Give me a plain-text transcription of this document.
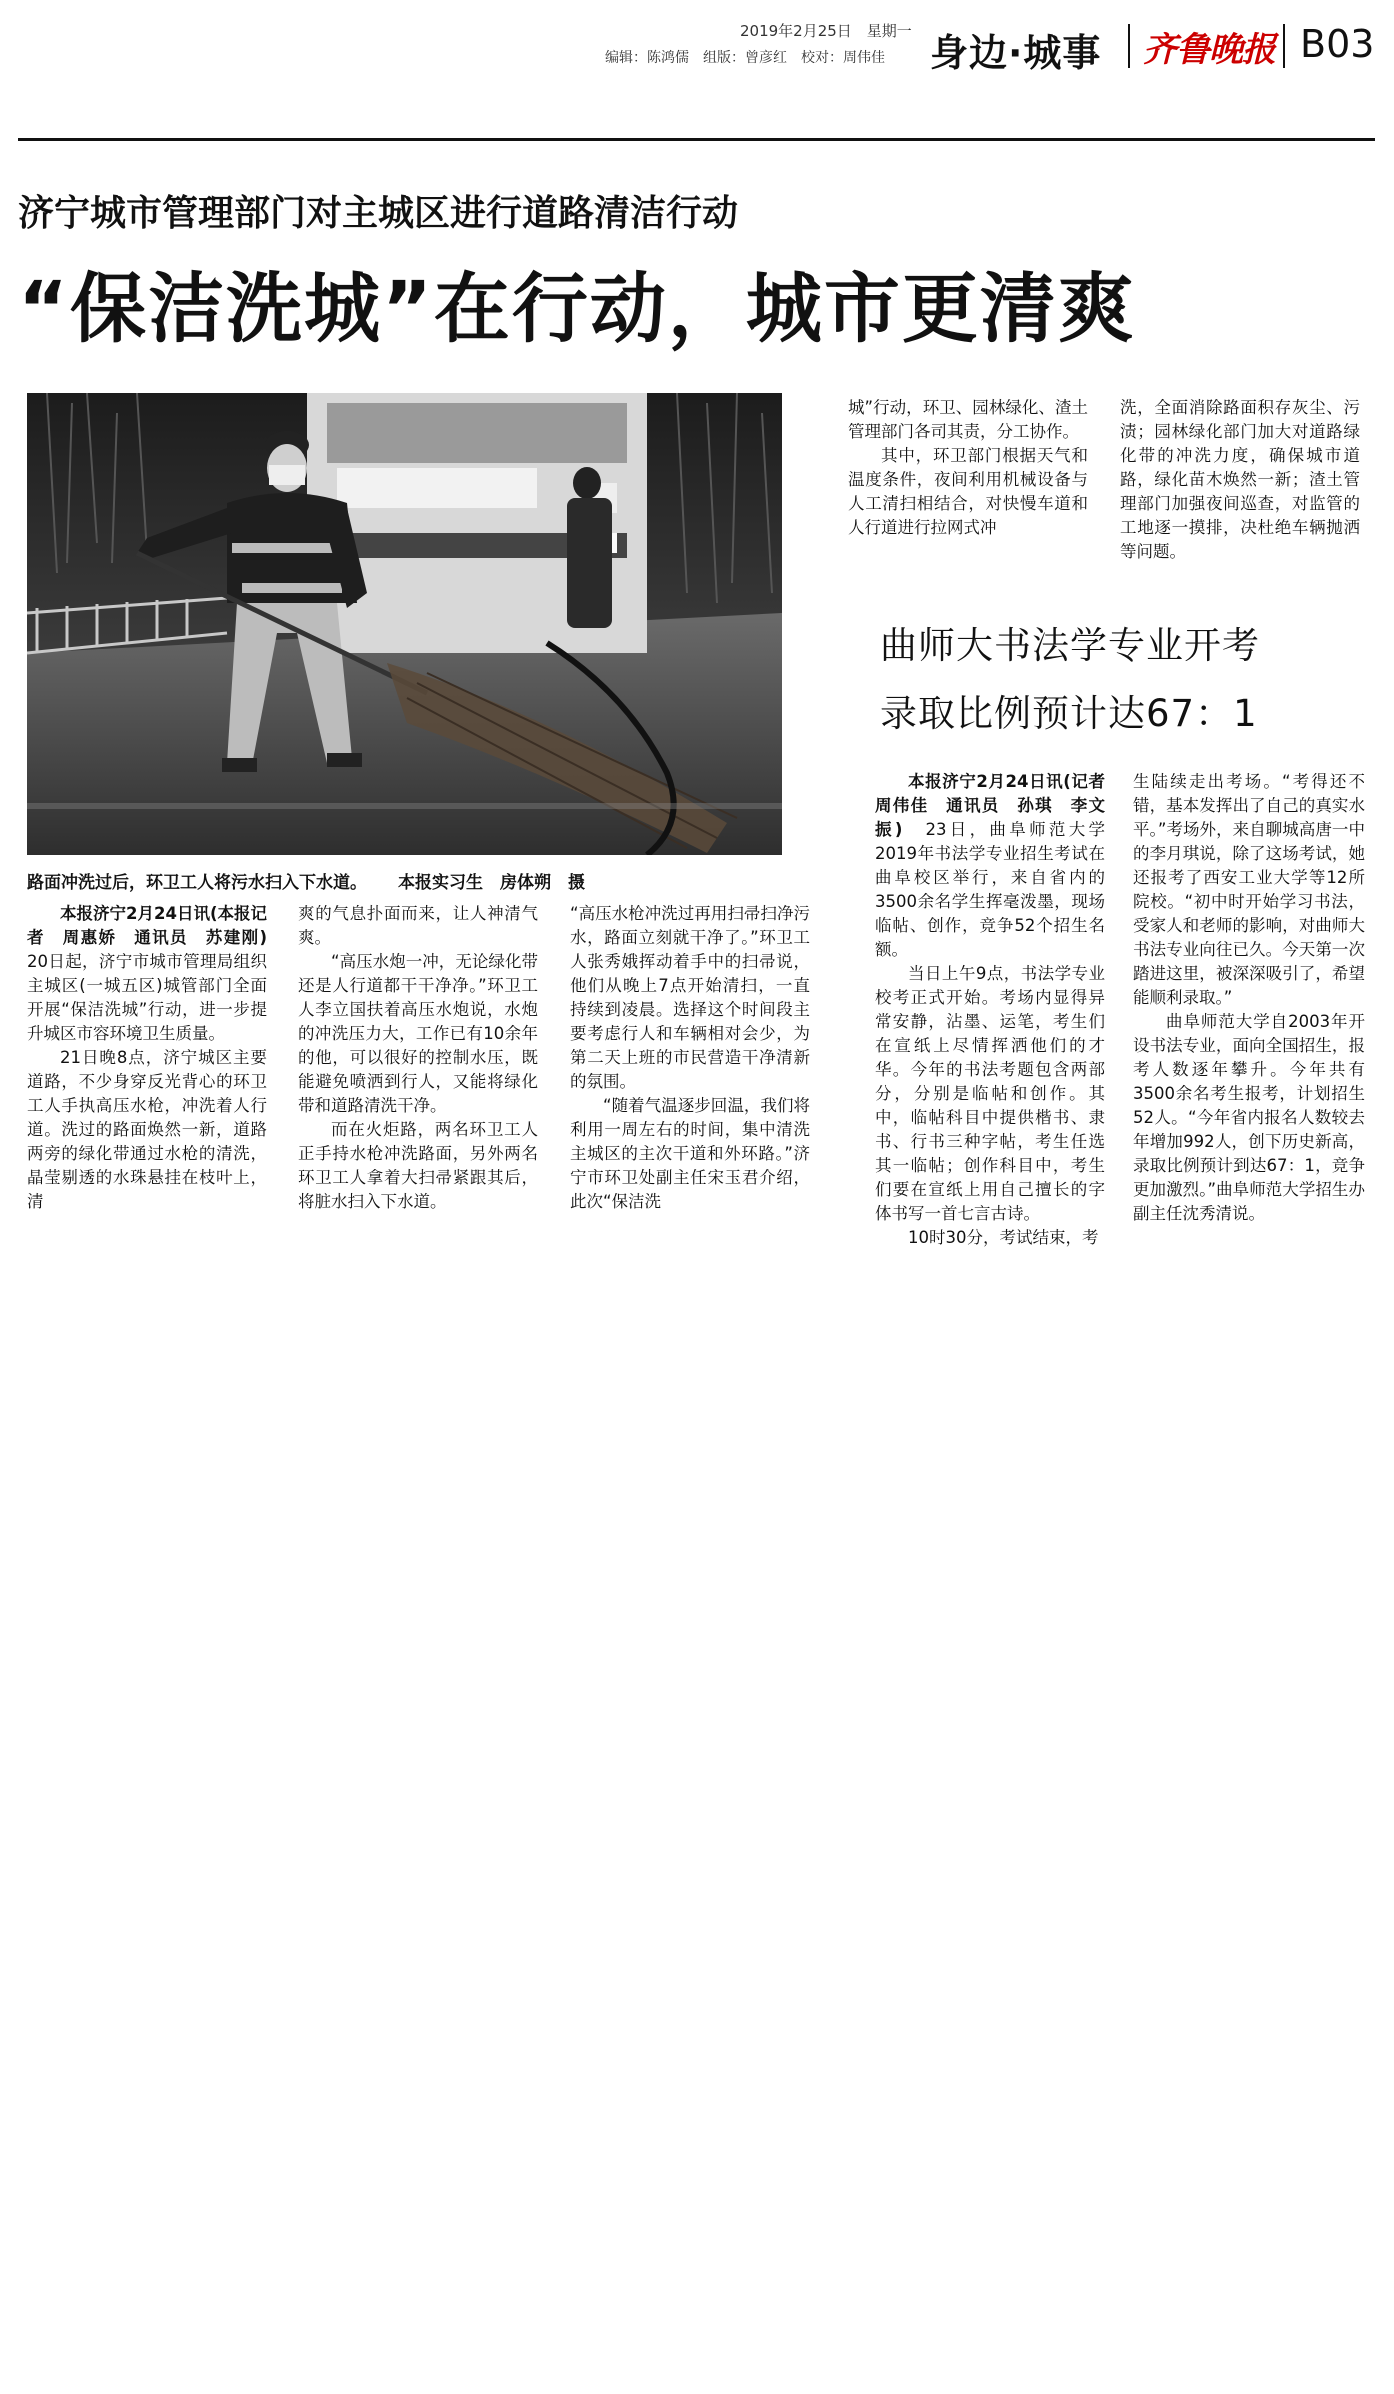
2019年2月25日　星期一
编辑：陈鸿儒　组版：曾彦红　校对：周伟佳 身边·城事 齐鲁晚报 B03
济宁城市管理部门对主城区进行道路清洁行动
“保洁洗城”在行动，城市更清爽
路面冲洗过后，环卫工人将污水扫入下水道。 本报实习生　房体朔　摄

本报济宁2月24日讯(本报记者　周惠娇　通讯员　苏建刚)　20日起，济宁市城市管理局组织主城区(一城五区)城管部门全面开展“保洁洗城”行动，进一步提升城区市容环境卫生质量。

21日晚8点，济宁城区主要道路，不少身穿反光背心的环卫工人手执高压水枪，冲洗着人行道。洗过的路面焕然一新，道路两旁的绿化带通过水枪的清洗，晶莹剔透的水珠悬挂在枝叶上，清

爽的气息扑面而来，让人神清气爽。

“高压水炮一冲，无论绿化带还是人行道都干干净净。”环卫工人李立国扶着高压水炮说，水炮的冲洗压力大，工作已有10余年的他，可以很好的控制水压，既能避免喷洒到行人，又能将绿化带和道路清洗干净。

而在火炬路，两名环卫工人正手持水枪冲洗路面，另外两名环卫工人拿着大扫帚紧跟其后，将脏水扫入下水道。

“高压水枪冲洗过再用扫帚扫净污水，路面立刻就干净了。”环卫工人张秀娥挥动着手中的扫帚说，他们从晚上7点开始清扫，一直持续到凌晨。选择这个时间段主要考虑行人和车辆相对会少，为第二天上班的市民营造干净清新的氛围。

“随着气温逐步回温，我们将利用一周左右的时间，集中清洗主城区的主次干道和外环路。”济宁市环卫处副主任宋玉君介绍，此次“保洁洗

城”行动，环卫、园林绿化、渣土管理部门各司其责，分工协作。

其中，环卫部门根据天气和温度条件，夜间利用机械设备与人工清扫相结合，对快慢车道和人行道进行拉网式冲

洗，全面消除路面积存灰尘、污渍；园林绿化部门加大对道路绿化带的冲洗力度，确保城市道路，绿化苗木焕然一新；渣土管理部门加强夜间巡查，对监管的工地逐一摸排，决杜绝车辆抛洒等问题。

曲师大书法学专业开考
录取比例预计达67：1

本报济宁2月24日讯(记者　周伟佳　通讯员　孙琪　李文振)　 23日，曲阜师范大学2019年书法学专业招生考试在曲阜校区举行，来自省内的3500余名学生挥毫泼墨，现场临帖、创作，竞争52个招生名额。

当日上午9点，书法学专业校考正式开始。考场内显得异常安静，沾墨、运笔，考生们在宣纸上尽情挥洒他们的才华。今年的书法考题包含两部分，分别是临帖和创作。其中，临帖科目中提供楷书、隶书、行书三种字帖，考生任选其一临帖；创作科目中，考生们要在宣纸上用自己擅长的字体书写一首七言古诗。

10时30分，考试结束，考

生陆续走出考场。“考得还不错，基本发挥出了自己的真实水平。”考场外，来自聊城高唐一中的李月琪说，除了这场考试，她还报考了西安工业大学等12所院校。“初中时开始学习书法，受家人和老师的影响，对曲师大书法专业向往已久。今天第一次踏进这里，被深深吸引了，希望能顺利录取。”

曲阜师范大学自2003年开设书法专业，面向全国招生，报考人数逐年攀升。今年共有3500余名考生报考，计划招生52人。“今年省内报名人数较去年增加992人，创下历史新高，录取比例预计到达67：1，竞争更加激烈。”曲阜师范大学招生办副主任沈秀清说。
